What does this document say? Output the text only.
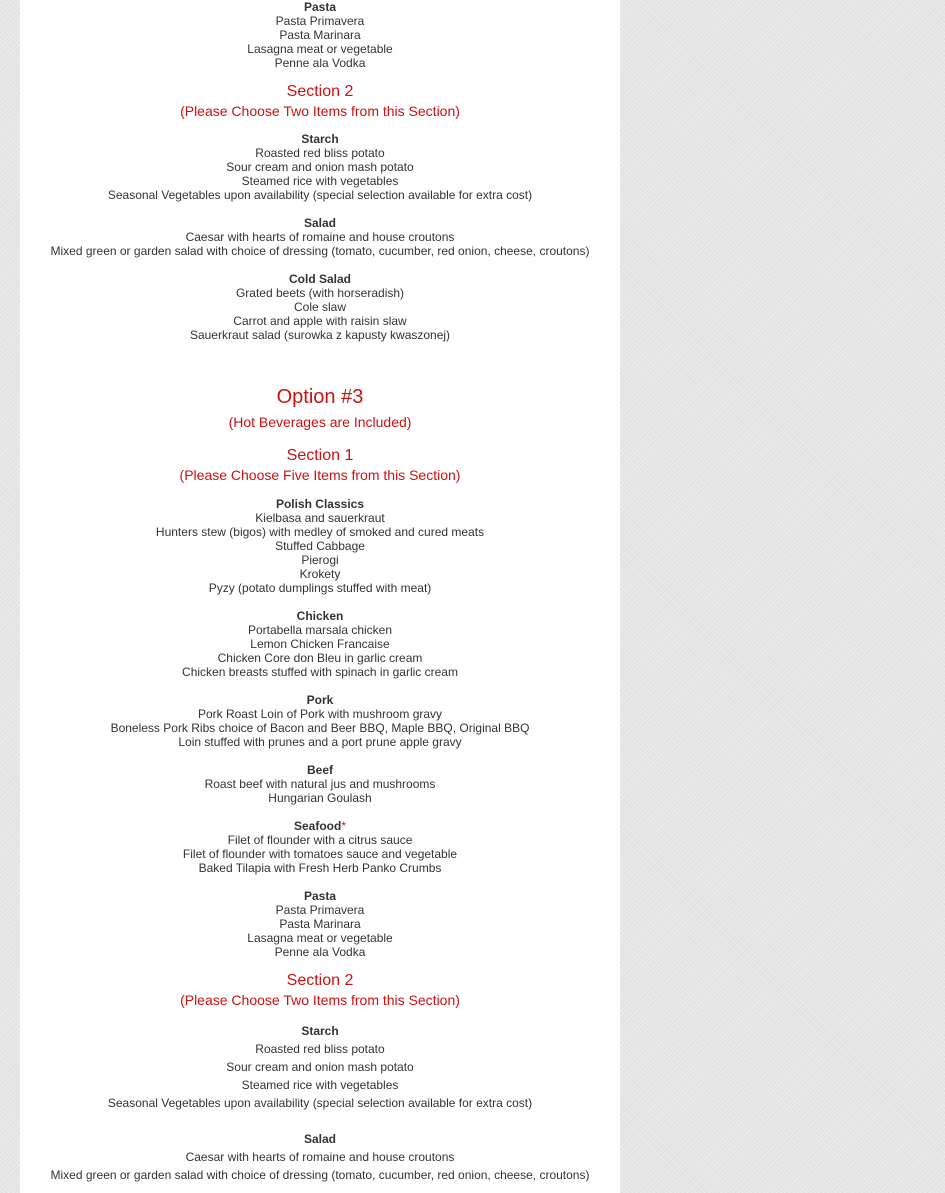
Pasta
Pasta Primavera
Pasta Marinara
Lasagna meat or vegetable
Penne ala Vodka
Section 2
(Please Choose Two Items from this Section)
Starch
Roasted red bliss potato
Sour cream and onion mash potato
Steamed rice with vegetables
Seasonal Vegetables upon availability (special selection available for extra cost)
Salad
Caesar with hearts of romaine and house croutons
Mixed green or garden salad with choice of dressing (tomato, cucumber, red onion, cheese, croutons)
Cold Salad
Grated beets (with horseradish)
Cole slaw
Carrot and apple with raisin slaw
Sauerkraut salad (surowka z kapusty kwaszonej)
Option #3
(Hot Beverages are Included)
Section 1
(Please Choose Five Items from this Section)
Polish Classics
Kielbasa and sauerkraut
Hunters stew (bigos) with medley of smoked and cured meats
Stuffed Cabbage
Pierogi
Krokety
Pyzy (potato dumplings stuffed with meat)
Chicken
Portabella marsala chicken
Lemon Chicken Francaise
Chicken Core don Bleu in garlic cream
Chicken breasts stuffed with spinach in garlic cream
Pork
Pork Roast Loin of Pork with mushroom gravy
Boneless Pork Ribs choice of Bacon and Beer BBQ, Maple BBQ, Original BBQ
Loin stuffed with prunes and a port prune apple gravy
Beef
Roast beef with natural jus and mushrooms
Hungarian Goulash
Seafood*
Filet of flounder with a citrus sauce
Filet of flounder with tomatoes sauce and vegetable
Baked Tilapia with Fresh Herb Panko Crumbs
Pasta
Pasta Primavera
Pasta Marinara
Lasagna meat or vegetable
Penne ala Vodka
Section 2
(Please Choose Two Items from this Section)
Starch
Roasted red bliss potato
Sour cream and onion mash potato
Steamed rice with vegetables
Seasonal Vegetables upon availability (special selection available for extra cost)
Salad
Caesar with hearts of romaine and house croutons
Mixed green or garden salad with choice of dressing (tomato, cucumber, red onion, cheese, croutons)
